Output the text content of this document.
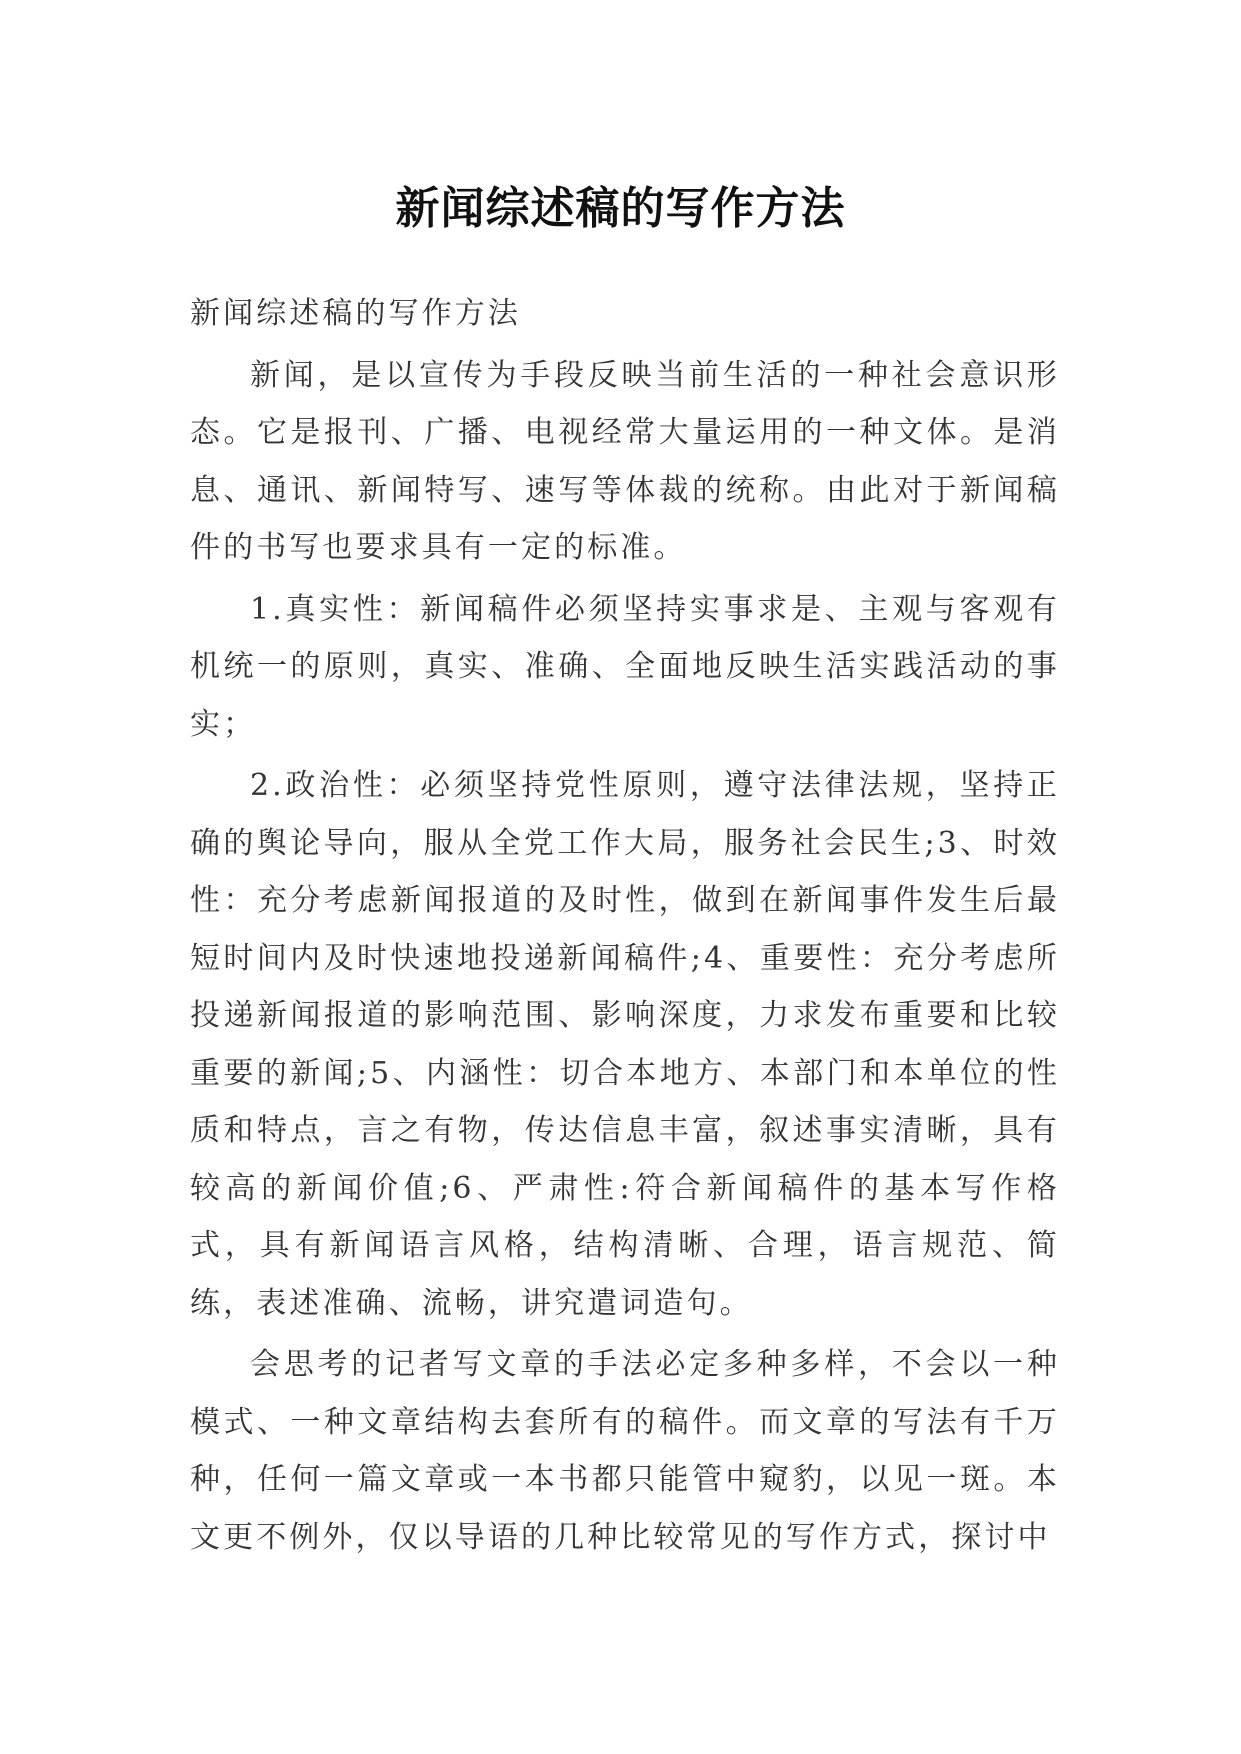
新闻综述稿的写作方法

新闻综述稿的写作方法

新闻，是以宣传为手段反映当前生活的一种社会意识形态。它是报刊、广播、电视经常大量运用的一种文体。是消息、通讯、新闻特写、速写等体裁的统称。由此对于新闻稿件的书写也要求具有一定的标准。

1.真实性：新闻稿件必须坚持实事求是、主观与客观有机统一的原则，真实、准确、全面地反映生活实践活动的事实；

2.政治性：必须坚持党性原则，遵守法律法规，坚持正确的舆论导向，服从全党工作大局，服务社会民生;3、时效性：充分考虑新闻报道的及时性，做到在新闻事件发生后最短时间内及时快速地投递新闻稿件;4、重要性：充分考虑所投递新闻报道的影响范围、影响深度，力求发布重要和比较重要的新闻;5、内涵性：切合本地方、本部门和本单位的性质和特点，言之有物，传达信息丰富，叙述事实清晰，具有较高的新闻价值;6、严肃性:符合新闻稿件的基本写作格式，具有新闻语言风格，结构清晰、合理，语言规范、简练，表述准确、流畅，讲究遣词造句。

会思考的记者写文章的手法必定多种多样，不会以一种模式、一种文章结构去套所有的稿件。而文章的写法有千万种，任何一篇文章或一本书都只能管中窥豹，以见一斑。本文更不例外，仅以导语的几种比较常见的写作方式，探讨中
